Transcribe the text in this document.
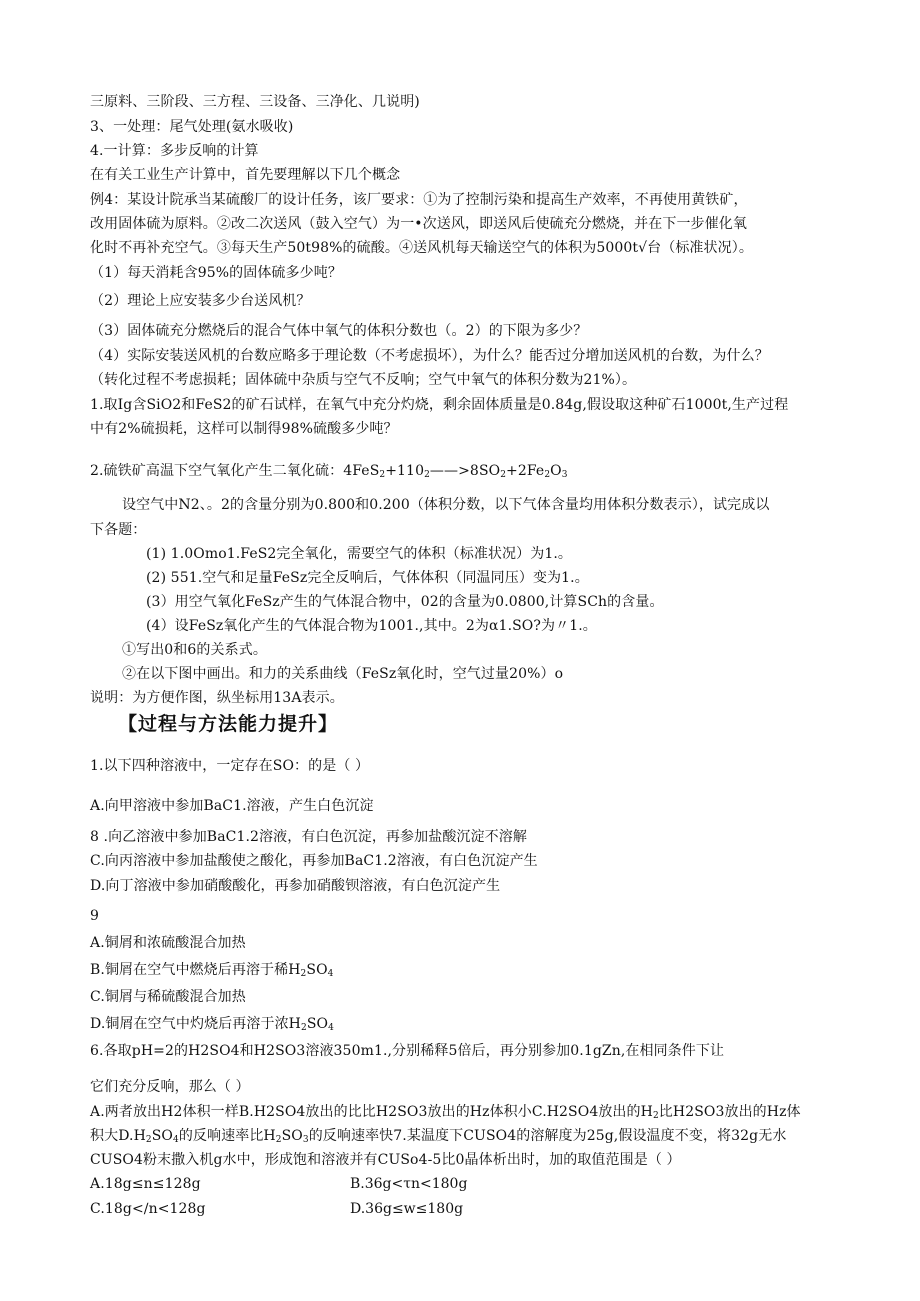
三原料、三阶段、三方程、三设备、三净化、几说明)
3、一处理：尾气处理(氨水吸收)
4.一计算：多步反响的计算
在有关工业生产计算中，首先要理解以下几个概念
例4：某设计院承当某硫酸厂的设计任务，该厂要求：①为了控制污染和提高生产效率，不再使用黄铁矿，
改用固体硫为原料。②改二次送风（鼓入空气）为一•次送风，即送风后使硫充分燃烧，并在下一步催化氧
化时不再补充空气。③每天生产50t98%的硫酸。④送风机每天输送空气的体积为5000t√台（标准状况）。
（1）每天消耗含95%的固体硫多少吨？
（2）理论上应安装多少台送风机？
（3）固体硫充分燃烧后的混合气体中氧气的体积分数也（。2）的下限为多少？
（4）实际安装送风机的台数应略多于理论数（不考虑损坏），为什么？能否过分增加送风机的台数，为什么？
（转化过程不考虑损耗；固体硫中杂质与空气不反响；空气中氧气的体积分数为21%）。
1.取Ig含SiO2和FeS2的矿石试样，在氧气中充分灼烧，剩余固体质量是0.84g,假设取这种矿石1000t,生产过程
中有2%硫损耗，这样可以制得98%硫酸多少吨？
2.硫铁矿高温下空气氧化产生二氧化硫：$4FeS_2+110_2——>8SO_2+2Fe_2O_3$
设空气中N2、。2的含量分别为0.800和0.200（体积分数，以下气体含量均用体积分数表示），试完成以
下各题：
(1) 1.0Omo1.FeS2完全氧化，需要空气的体积（标准状况）为1.。
(2) 551.空气和足量FeSz完全反响后，气体体积（同温同压）变为1.。
(3）用空气氧化FeSz产生的气体混合物中，02的含量为0.0800,计算SCh的含量。
(4）设FeSz氧化产生的气体混合物为1001.,其中。2为α1.SO?为〃1.。
①写出0和6的关系式。
②在以下图中画出。和力的关系曲线（FeSz氧化时，空气过量20%）o
说明：为方便作图，纵坐标用13A表示。
【过程与方法能力提升】
1.以下四种溶液中，一定存在SO：的是（ ）
A.向甲溶液中参加BaC1.溶液，产生白色沉淀
8 .向乙溶液中参加BaC1.2溶液，有白色沉淀，再参加盐酸沉淀不溶解
C.向丙溶液中参加盐酸使之酸化，再参加BaC1.2溶液，有白色沉淀产生
D.向丁溶液中参加硝酸酸化，再参加硝酸钡溶液，有白色沉淀产生
9
A.铜屑和浓硫酸混合加热
B.铜屑在空气中燃烧后再溶于稀$H_2SO_4$
C.铜屑与稀硫酸混合加热
D.铜屑在空气中灼烧后再溶于浓$H_2SO_4$
6.各取pH=2的H2SO4和H2SO3溶液350m1.,分别稀释5倍后，再分别参加0.1gZn,在相同条件下让
它们充分反响，那么（ ）
A.两者放出H2体积一样B.H2SO4放出的比比H2SO3放出的Hz体积小C.H2SO4放出的$H_2$比H2SO3放出的Hz体
积大$D.H_2SO_4$的反响速率比$H_2SO_3$的反响速率快7.某温度下CUSO4的溶解度为25g,假设温度不变，将32g无水
CUSO4粉末撒入机g水中，形成饱和溶液并有CUSo4-5比0晶体析出时，加的取值范围是（ ）
A.18g≤n≤128g	B.36g<τn<180g
C.18g<∕n<128g	D.36g≤w≤180g
